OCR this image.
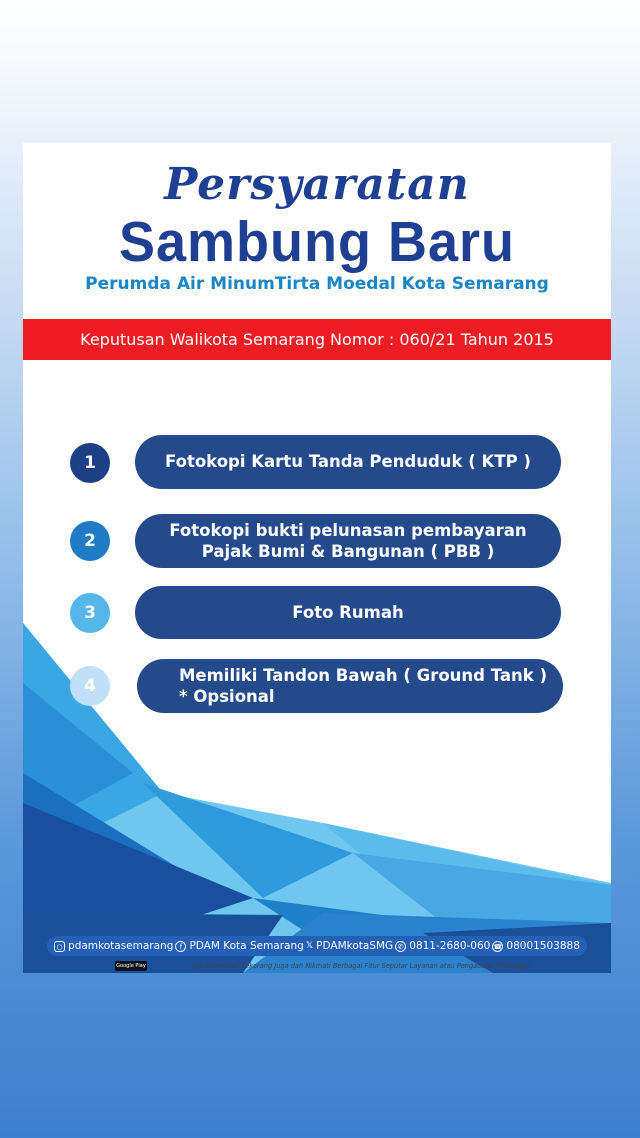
Persyaratan
Sambung Baru
Perumda Air MinumTirta Moedal Kota Semarang
Keputusan Walikota Semarang Nomor : 060/21 Tahun 2015
1	Fotokopi Kartu Tanda Penduduk ( KTP )
2
Fotokopi bukti pelunasan pembayaran
Pajak Bumi & Bangunan ( PBB )
3	Foto Rumah
4
Memiliki Tandon Bawah ( Ground Tank )
* Opsional
○ pdamkotasemarang f PDAM Kota Semarang 𝕏 PDAMkotaSMG ✆ 0811-2680-060 ☎ 08001503888
Google Play SI AGAN Ayo Download Sekarang Juga dan Nikmati Berbagai Fitur Seputar Layanan atau Pengaduan Pelanggan
